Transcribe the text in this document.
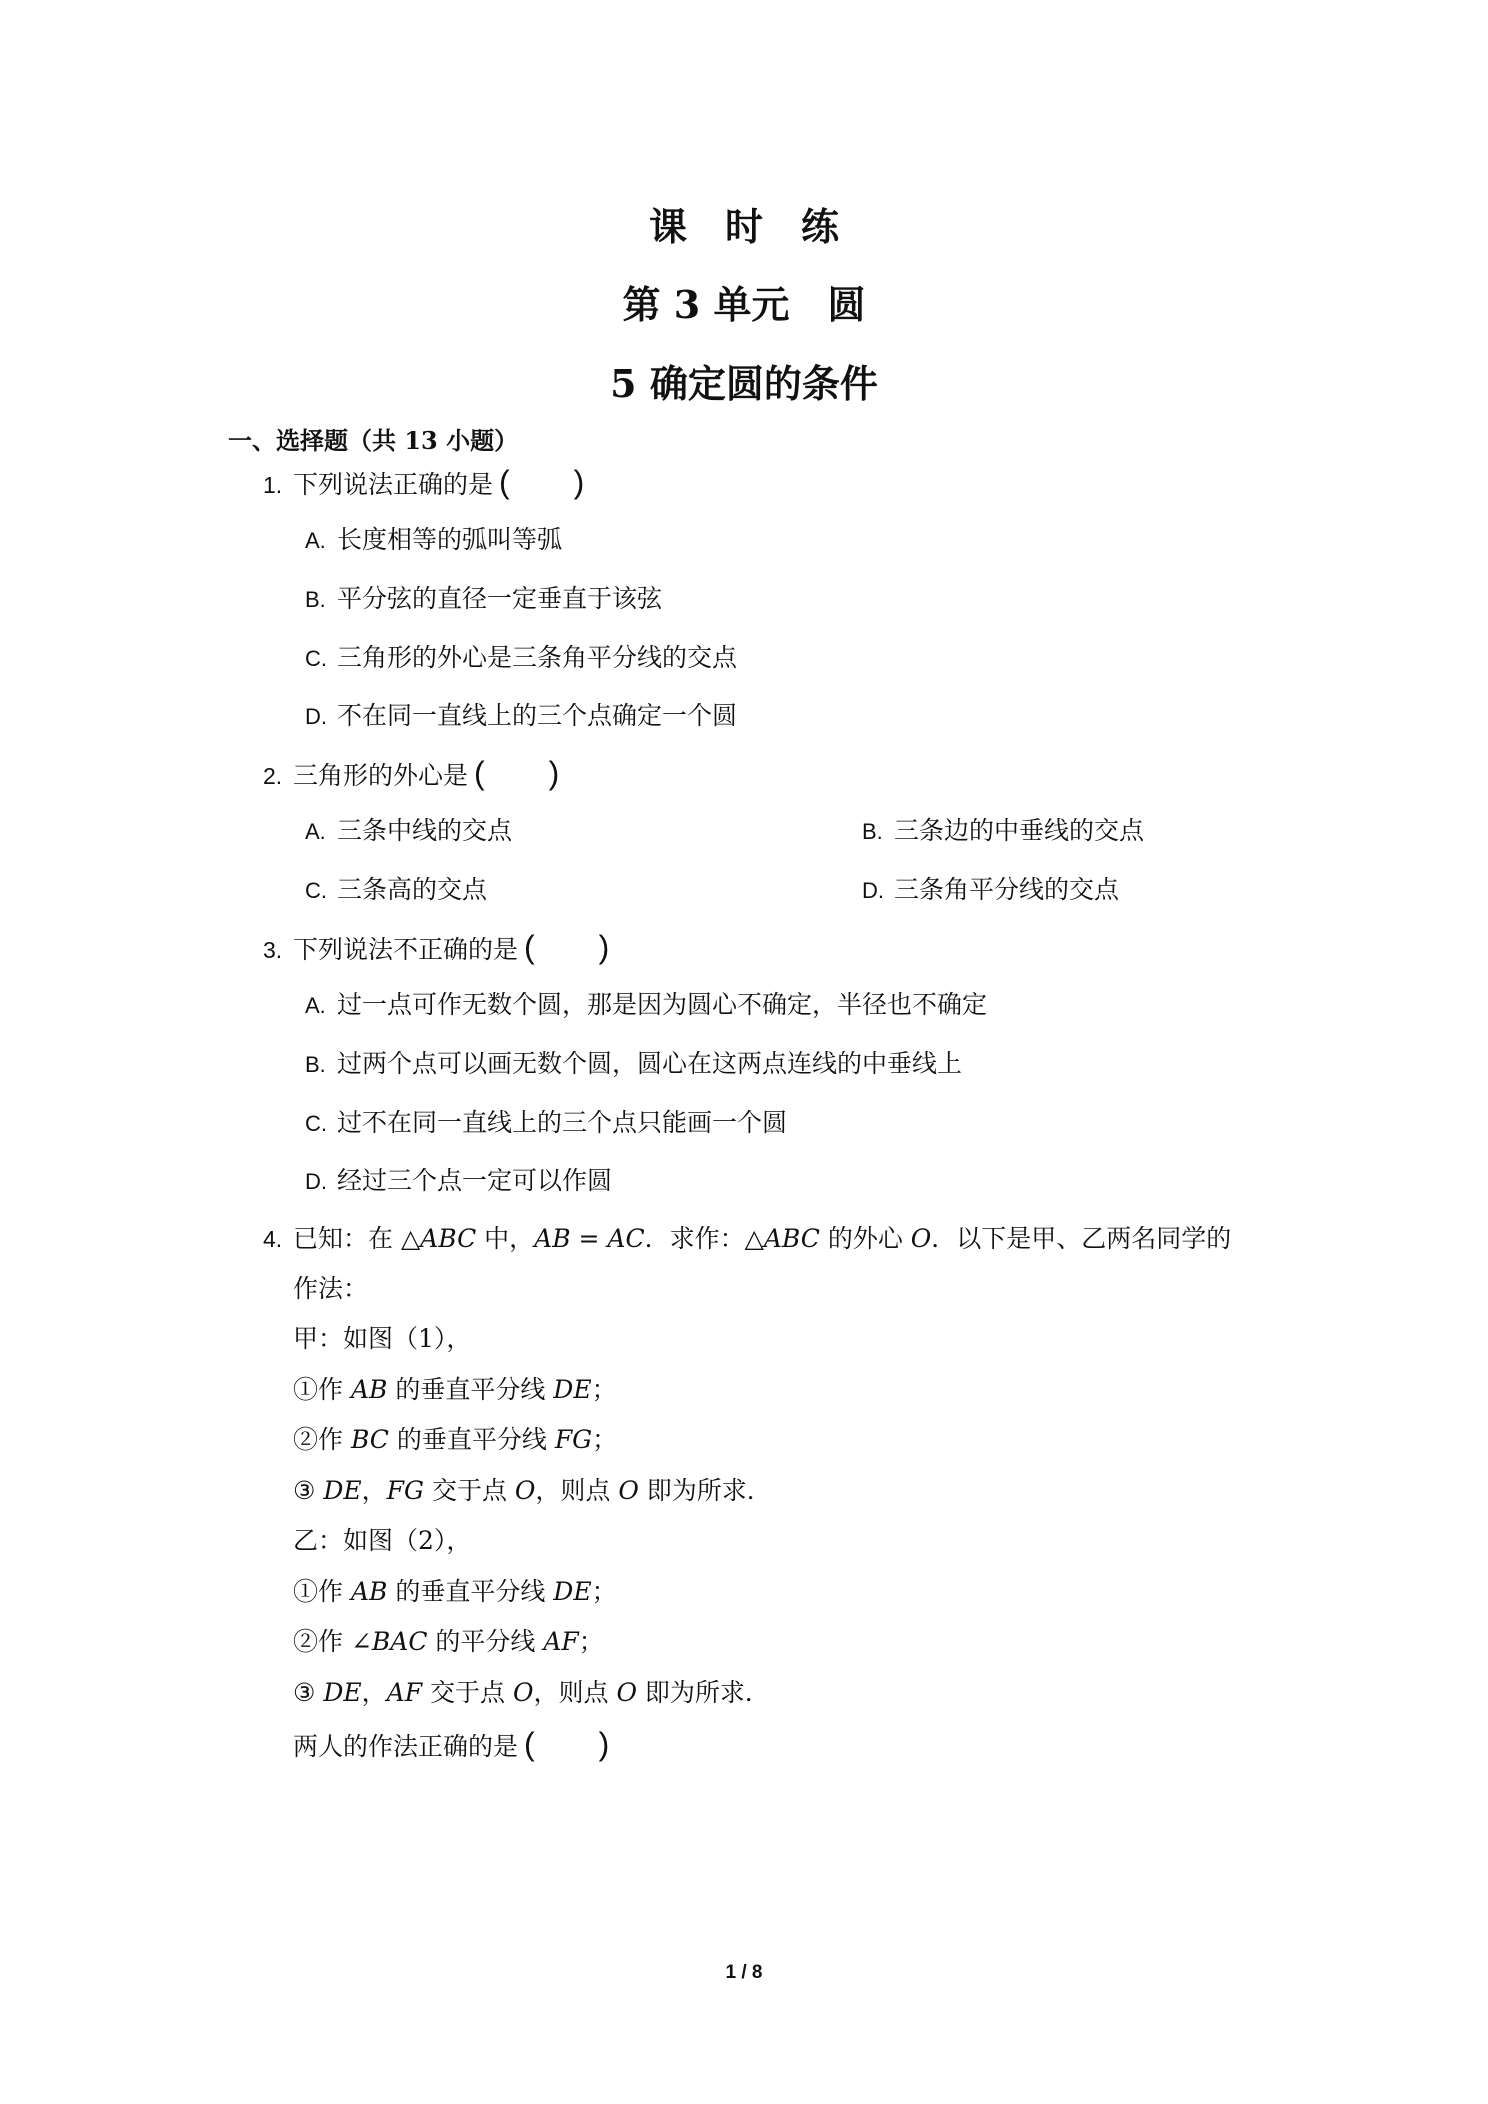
课时练
第 3 单元　圆
5 确定圆的条件
一、选择题（共 13 小题）
1. 下列说法正确的是 (　　)
A. 长度相等的弧叫等弧
B. 平分弦的直径一定垂直于该弦
C. 三角形的外心是三条角平分线的交点
D. 不在同一直线上的三个点确定一个圆
2. 三角形的外心是 (　　)
A. 三条中线的交点	B. 三条边的中垂线的交点
C. 三条高的交点	D. 三条角平分线的交点
3. 下列说法不正确的是 (　　)
A. 过一点可作无数个圆，那是因为圆心不确定，半径也不确定
B. 过两个点可以画无数个圆，圆心在这两点连线的中垂线上
C. 过不在同一直线上的三个点只能画一个圆
D. 经过三个点一定可以作圆
4. 已知：在 △ABC 中，AB = AC．求作：△ABC 的外心 O．以下是甲、乙两名同学的
作法：
甲：如图（1），
①作 AB 的垂直平分线 DE；
②作 BC 的垂直平分线 FG；
③ DE，FG 交于点 O，则点 O 即为所求．
乙：如图（2），
①作 AB 的垂直平分线 DE；
②作 ∠BAC 的平分线 AF；
③ DE，AF 交于点 O，则点 O 即为所求．
两人的作法正确的是 (　　)
1 / 8
